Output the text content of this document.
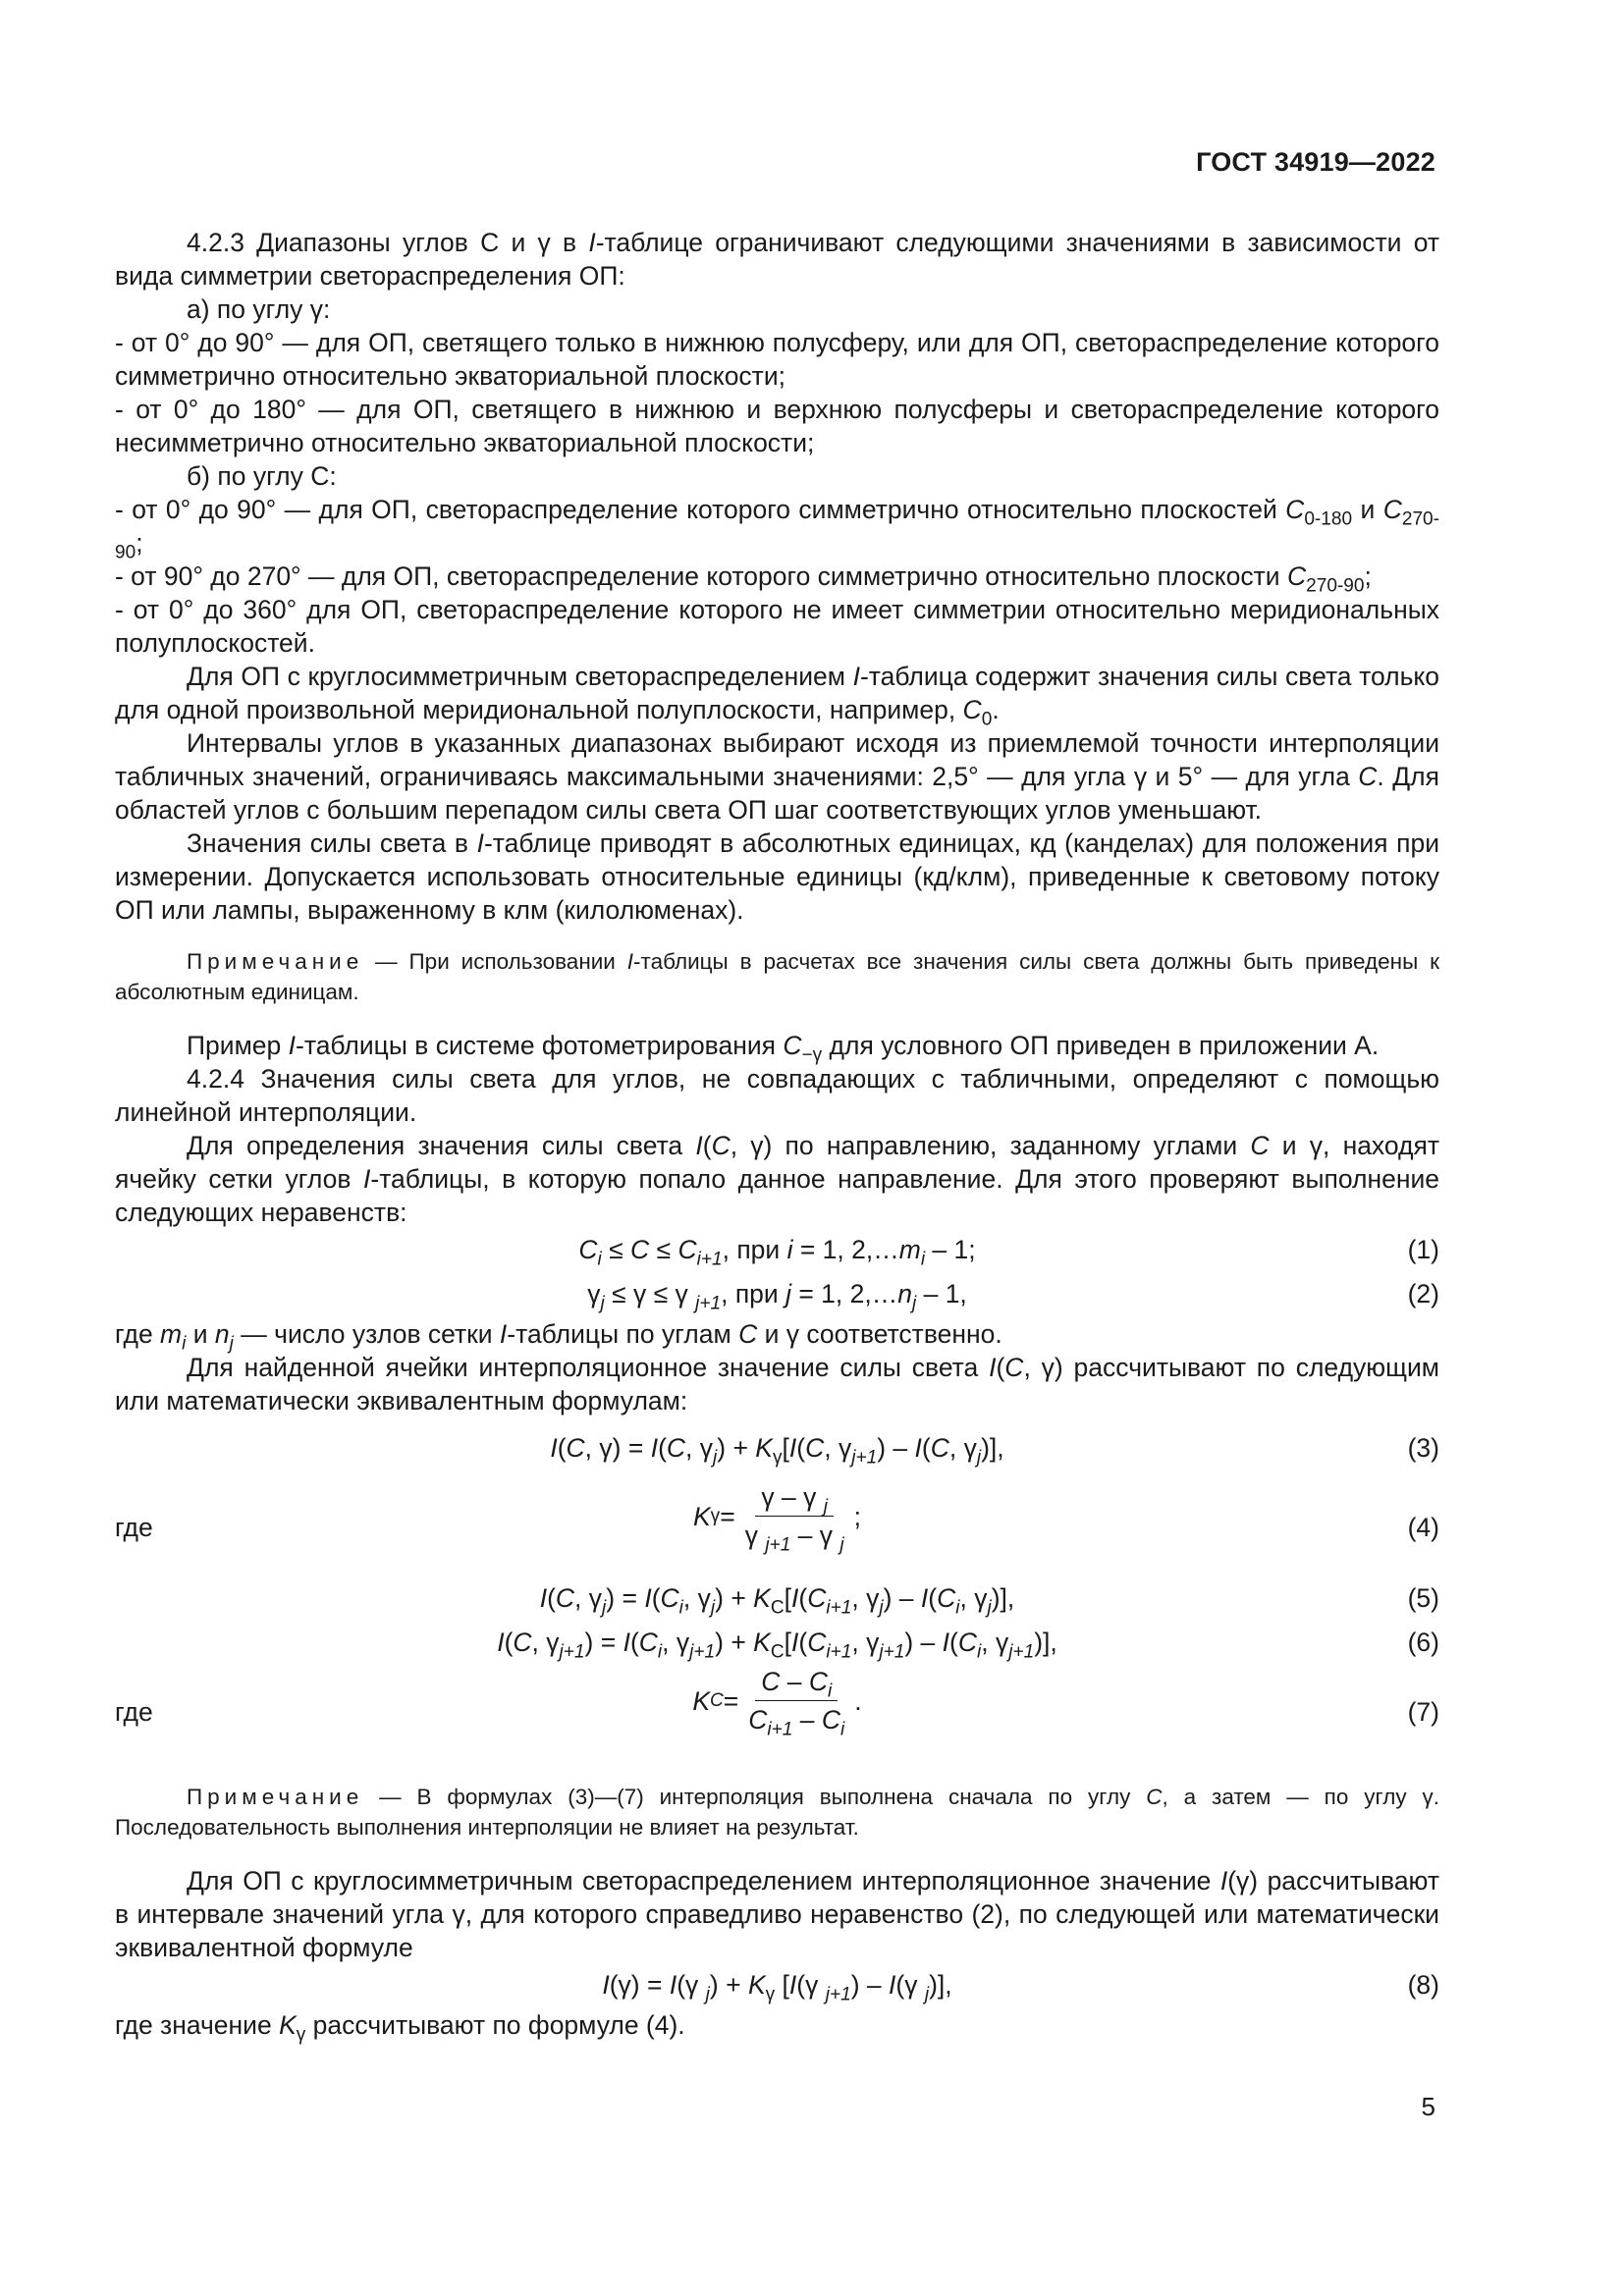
ГОСТ 34919—2022

4.2.3 Диапазоны углов С и γ в I-таблице ограничивают следующими значениями в зависимости от вида симметрии светораспределения ОП:

а) по углу γ:

- от 0° до 90° — для ОП, светящего только в нижнюю полусферу, или для ОП, светораспределение которого симметрично относительно экваториальной плоскости;

- от 0° до 180° — для ОП, светящего в нижнюю и верхнюю полусферы и светораспределение которого несимметрично относительно экваториальной плоскости;

б) по углу С:

- от 0° до 90° — для ОП, светораспределение которого симметрично относительно плоскостей $C_{0-180}$ и $C_{270-90}$;

- от 90° до 270° — для ОП, светораспределение которого симметрично относительно плоскости $C_{270-90}$;

- от 0° до 360° для ОП, светораспределение которого не имеет симметрии относительно меридиональных полуплоскостей.

Для ОП с круглосимметричным светораспределением I-таблица содержит значения силы света только для одной произвольной меридиональной полуплоскости, например, $C_0$.

Интервалы углов в указанных диапазонах выбирают исходя из приемлемой точности интерполяции табличных значений, ограничиваясь максимальными значениями: 2,5° — для угла γ и 5° — для угла С. Для областей углов с большим перепадом силы света ОП шаг соответствующих углов уменьшают.

Значения силы света в I-таблице приводят в абсолютных единицах, кд (канделах) для положения при измерении. Допускается использовать относительные единицы (кд/клм), приведенные к световому потоку ОП или лампы, выраженному в клм (килолюменах).

Примечание — При использовании I-таблицы в расчетах все значения силы света должны быть приведены к абсолютным единицам.

Пример I-таблицы в системе фотометрирования $C_{-\gamma}$ для условного ОП приведен в приложении А.

4.2.4 Значения силы света для углов, не совпадающих с табличными, определяют с помощью линейной интерполяции.

Для определения значения силы света I(C, γ) по направлению, заданному углами C и γ, находят ячейку сетки углов I-таблицы, в которую попало данное направление. Для этого проверяют выполнение следующих неравенств:

$C_i \le C \le C_{i+1}$, при i = 1, $2,\dots m_i - 1$;	(1)
$\gamma_j \le \gamma \le \gamma$ $_{j+1}$, при j = 1, $2,\dots n_j - 1$,	(2)

где $m_i$ и $n_j$ — число узлов сетки I-таблицы по углам C и γ соответственно.

Для найденной ячейки интерполяционное значение силы света I(C, γ) рассчитывают по следующим или математически эквивалентным формулам:

I(C, γ) = I(C, $\gamma_j) + K_\gamma[I(C$, $\gamma_{j+1}) - I(C$, $\gamma_j$)],	(3)
где	K $\gamma = \frac{\gamma - \gamma _j}{\gamma _{j+1} - \gamma _j}$ ;	(4)
I(C, $\gamma_j) = I(C_i$, $\gamma_j) + K_C[I(C_{i+1}$, $\gamma_j) - I(C_i$, $\gamma_j$)],	(5)
I(C, $\gamma_{j+1}) = I(C_i$, $\gamma_{j+1}) + K_C[I(C_{i+1}$, $\gamma_{j+1}) - I(C_i$, $\gamma_{j+1}$)],	(6)
где	K $C = \frac{C - C_i}{C_{i+1} - C_i}$ .	(7)

Примечание — В формулах (3)—(7) интерполяция выполнена сначала по углу С, а затем — по углу γ. Последовательность выполнения интерполяции не влияет на результат.

Для ОП с круглосимметричным светораспределением интерполяционное значение I(γ) рассчитывают в интервале значений угла γ, для которого справедливо неравенство (2), по следующей или математически эквивалентной формуле

I(γ) = I(γ $_j) + K_\gamma$ [I(γ $_{j+1}$) – I(γ $_j$)],	(8)

где значение $K_\gamma$ рассчитывают по формуле (4).

5
